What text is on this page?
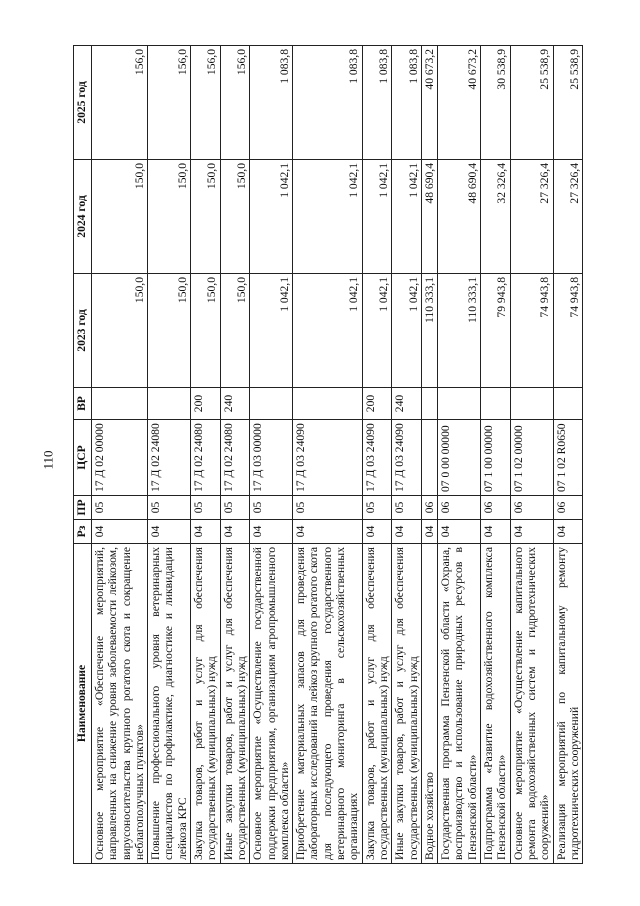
110
Наименование	Рз	ПР	ЦСР	ВР	2023 год	2024 год	2025 год
Основное мероприятие «Обеспечение мероприятий, направленных на снижение уровня заболеваемости лейкозом, вирусоносительства крупного рогатого скота и сокращение неблагополучных пунктов»	04	05	17 Д 02 00000		150,0	150,0	156,0
Повышение профессионального уровня ветеринарных специалистов по профилактике, диагностике и ликвидации лейкоза КРС	04	05	17 Д 02 24080		150,0	150,0	156,0
Закупка товаров, работ и услуг для обеспечения государственных (муниципальных) нужд	04	05	17 Д 02 24080	200	150,0	150,0	156,0
Иные закупки товаров, работ и услуг для обеспечения государственных (муниципальных) нужд	04	05	17 Д 02 24080	240	150,0	150,0	156,0
Основное мероприятие «Осуществление государственной поддержки предприятиям, организациям агропромышленного комплекса области»	04	05	17 Д 03 00000		1 042,1	1 042,1	1 083,8
Приобретение материальных запасов для проведения лабораторных исследований на лейкоз крупного рогатого скота для последующего проведения государственного ветеринарного мониторинга в сельскохозяйственных организациях	04	05	17 Д 03 24090		1 042,1	1 042,1	1 083,8
Закупка товаров, работ и услуг для обеспечения государственных (муниципальных) нужд	04	05	17 Д 03 24090	200	1 042,1	1 042,1	1 083,8
Иные закупки товаров, работ и услуг для обеспечения государственных (муниципальных) нужд	04	05	17 Д 03 24090	240	1 042,1	1 042,1	1 083,8
Водное хозяйство	04	06			110 333,1	48 690,4	40 673,2
Государственная программа Пензенской области «Охрана, воспроизводство и использование природных ресурсов в Пензенской области»	04	06	07 0 00 00000		110 333,1	48 690,4	40 673,2
Подпрограмма «Развитие водохозяйственного комплекса Пензенской области»	04	06	07 1 00 00000		79 943,8	32 326,4	30 538,9
Основное мероприятие «Осуществление капитального ремонта водохозяйственных систем и гидротехнических сооружений»	04	06	07 1 02 00000		74 943,8	27 326,4	25 538,9
Реализация мероприятий по капитальному ремонту гидротехнических сооружений	04	06	07 1 02 R0650		74 943,8	27 326,4	25 538,9
